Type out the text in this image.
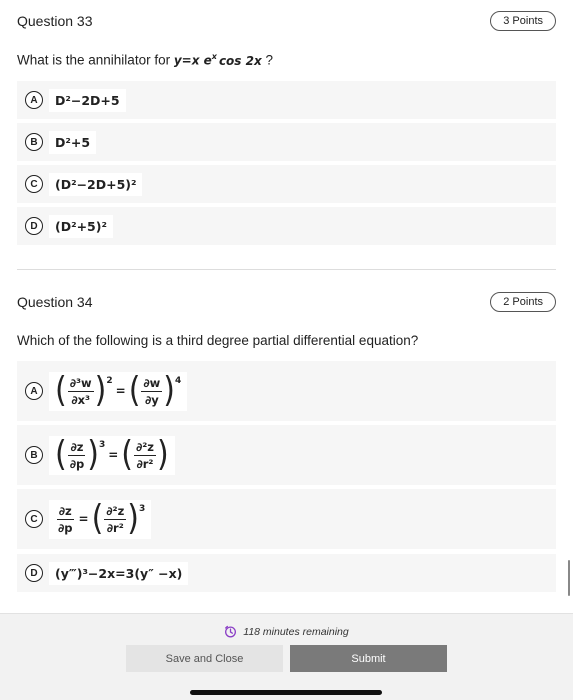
Question 33	3 Points
What is the annihilator for y=x $e^x$ cos 2x ?
A	D²−2D+5
B	D²+5
C	(D²−2D+5)²
D	(D²+5)²
Question 34	2 Points
Which of the following is a third degree partial differential equation?
A ( $\frac{\text{∂³w}}{\text{∂x³}}$ ) 2
= ( $\frac{\partial w}{\partial y}$ ) 4
B ( $\frac{\partial z}{\partial p}$ ) 3
= ( $\frac{\text{∂²z}}{\text{∂r²}}$ )
C	$\frac{\partial z}{\partial p}$ = ( $\frac{\text{∂²z}}{\text{∂r²}}$ ) 3
D	(y‴)³−2x=3(y″ −x)
118 minutes remaining
Save and Close	Submit
